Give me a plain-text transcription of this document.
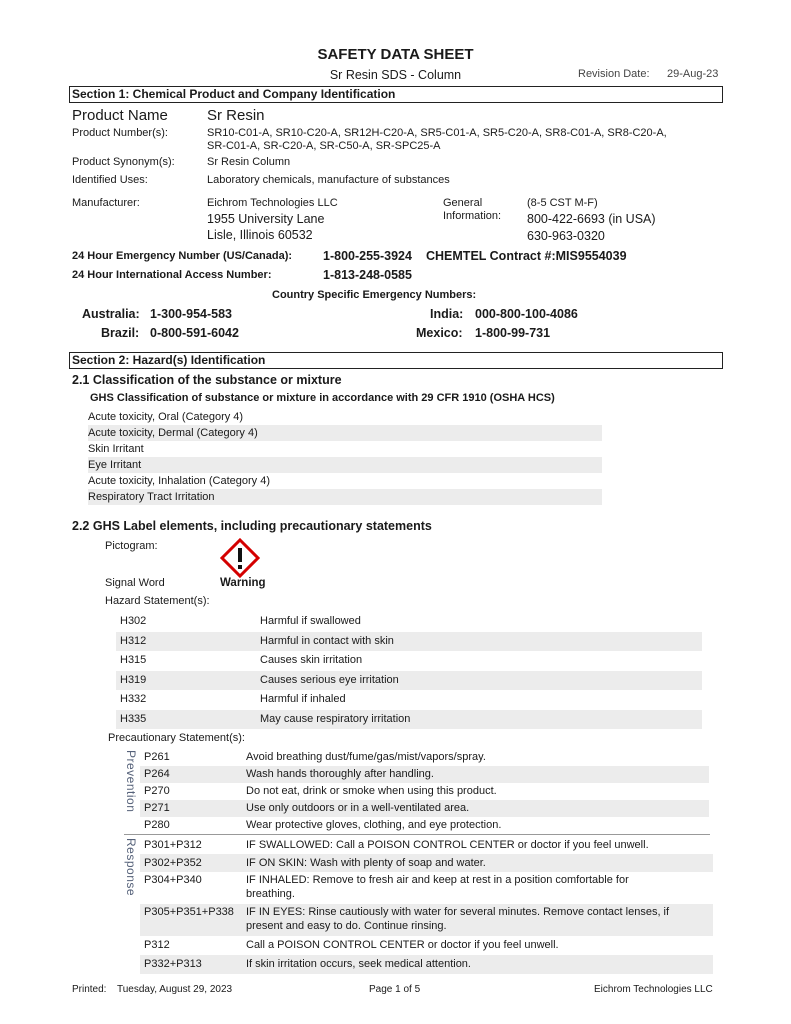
SAFETY DATA SHEET
Sr Resin SDS - Column	Revision Date: 29-Aug-23
Section 1: Chemical Product and Company Identification
Product Name	Sr Resin
Product Number(s):	SR10-C01-A, SR10-C20-A, SR12H-C20-A, SR5-C01-A, SR5-C20-A, SR8-C01-A, SR8-C20-A,
SR-C01-A, SR-C20-A, SR-C50-A, SR-SPC25-A
Product Synonym(s):	Sr Resin Column
Identified Uses:	Laboratory chemicals, manufacture of substances
Manufacturer:	Eichrom Technologies LLC
1955 University Lane
Lisle, Illinois 60532
General
Information:
(8-5 CST M-F)
800-422-6693 (in USA)
630-963-0320
24 Hour Emergency Number (US/Canada): 1-800-255-3924 CHEMTEL Contract #:MIS9554039
24 Hour International Access Number:	1-813-248-0585
Country Specific Emergency Numbers:
Australia: 1-300-954-583
Brazil: 0-800-591-6042
India: 000-800-100-4086
Mexico: 1-800-99-731
Section 2: Hazard(s) Identification
2.1 Classification of the substance or mixture
GHS Classification of substance or mixture in accordance with 29 CFR 1910 (OSHA HCS)
Acute toxicity, Oral (Category 4)
Acute toxicity, Dermal (Category 4)
Skin Irritant
Eye Irritant
Acute toxicity, Inhalation (Category 4)
Respiratory Tract Irritation
2.2 GHS Label elements, including precautionary statements
Pictogram:
Signal Word	Warning
Hazard Statement(s):
H302	Harmful if swallowed
H312	Harmful in contact with skin
H315	Causes skin irritation
H319	Causes serious eye irritation
H332	Harmful if inhaled
H335	May cause respiratory irritation
Precautionary Statement(s):
Prevention P261	Avoid breathing dust/fume/gas/mist/vapors/spray.
P264	Wash hands thoroughly after handling.
P270	Do not eat, drink or smoke when using this product.
P271	Use only outdoors or in a well-ventilated area.
P280	Wear protective gloves, clothing, and eye protection.
Response P301+P312	IF SWALLOWED: Call a POISON CONTROL CENTER or doctor if you feel unwell.
P302+P352	IF ON SKIN: Wash with plenty of soap and water.
P304+P340	IF INHALED: Remove to fresh air and keep at rest in a position comfortable for
breathing.
P305+P351+P338 IF IN EYES: Rinse cautiously with water for several minutes. Remove contact lenses, if
present and easy to do. Continue rinsing.
P312	Call a POISON CONTROL CENTER or doctor if you feel unwell.
P332+P313	If skin irritation occurs, seek medical attention.
Printed: Tuesday, August 29, 2023	Page 1 of 5	Eichrom Technologies LLC
